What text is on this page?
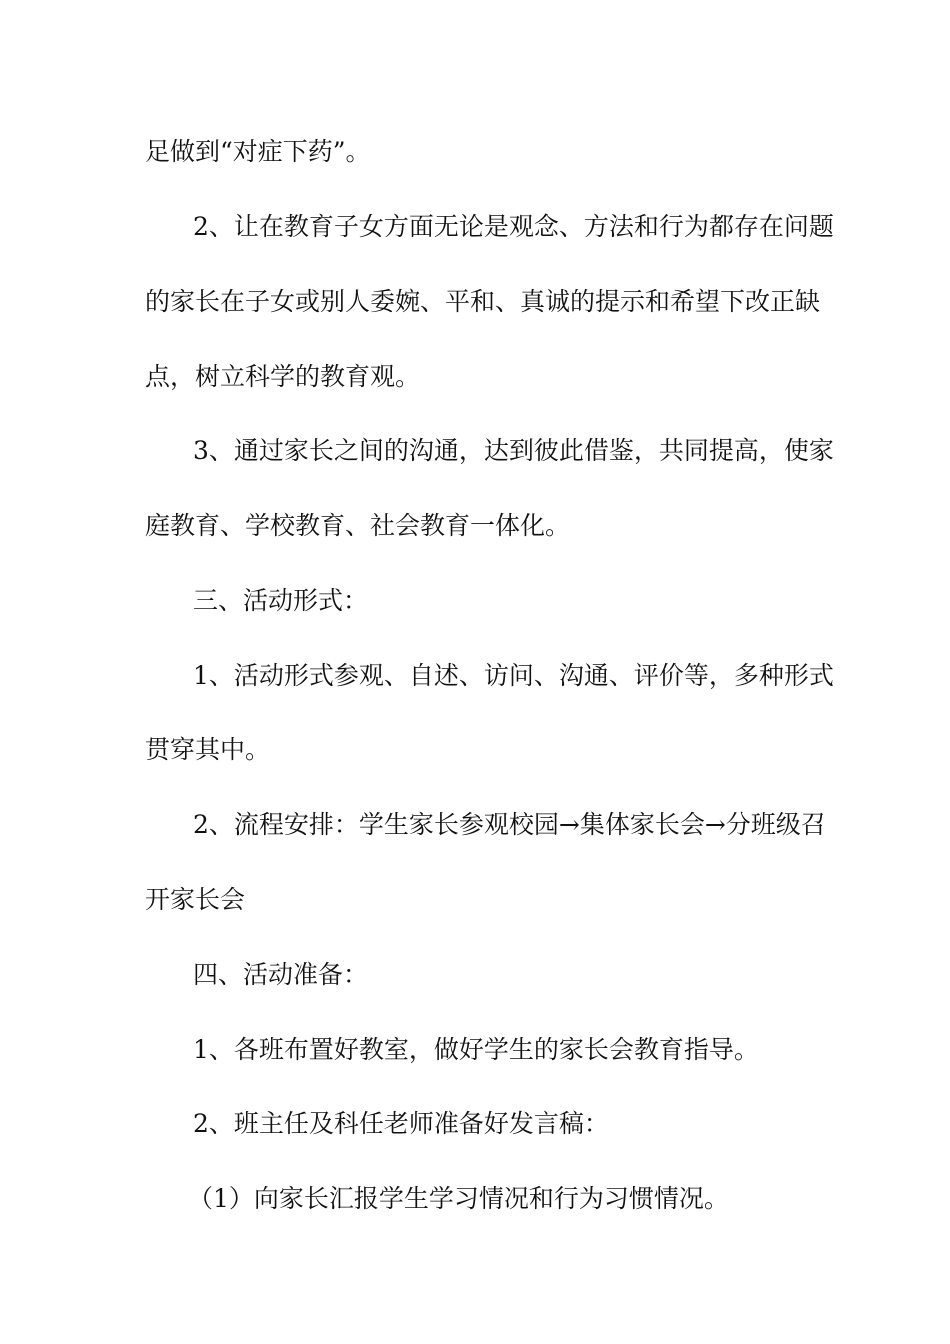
足做到“对症下药”。
2、让在教育子女方面无论是观念、方法和行为都存在问题
的家长在子女或别人委婉、平和、真诚的提示和希望下改正缺
点，树立科学的教育观。
3、通过家长之间的沟通，达到彼此借鉴，共同提高，使家
庭教育、学校教育、社会教育一体化。
三、活动形式：
1、活动形式参观、自述、访问、沟通、评价等，多种形式
贯穿其中。
2、流程安排：学生家长参观校园→集体家长会→分班级召
开家长会
四、活动准备：
1、各班布置好教室，做好学生的家长会教育指导。
2、班主任及科任老师准备好发言稿：
（1）向家长汇报学生学习情况和行为习惯情况。
